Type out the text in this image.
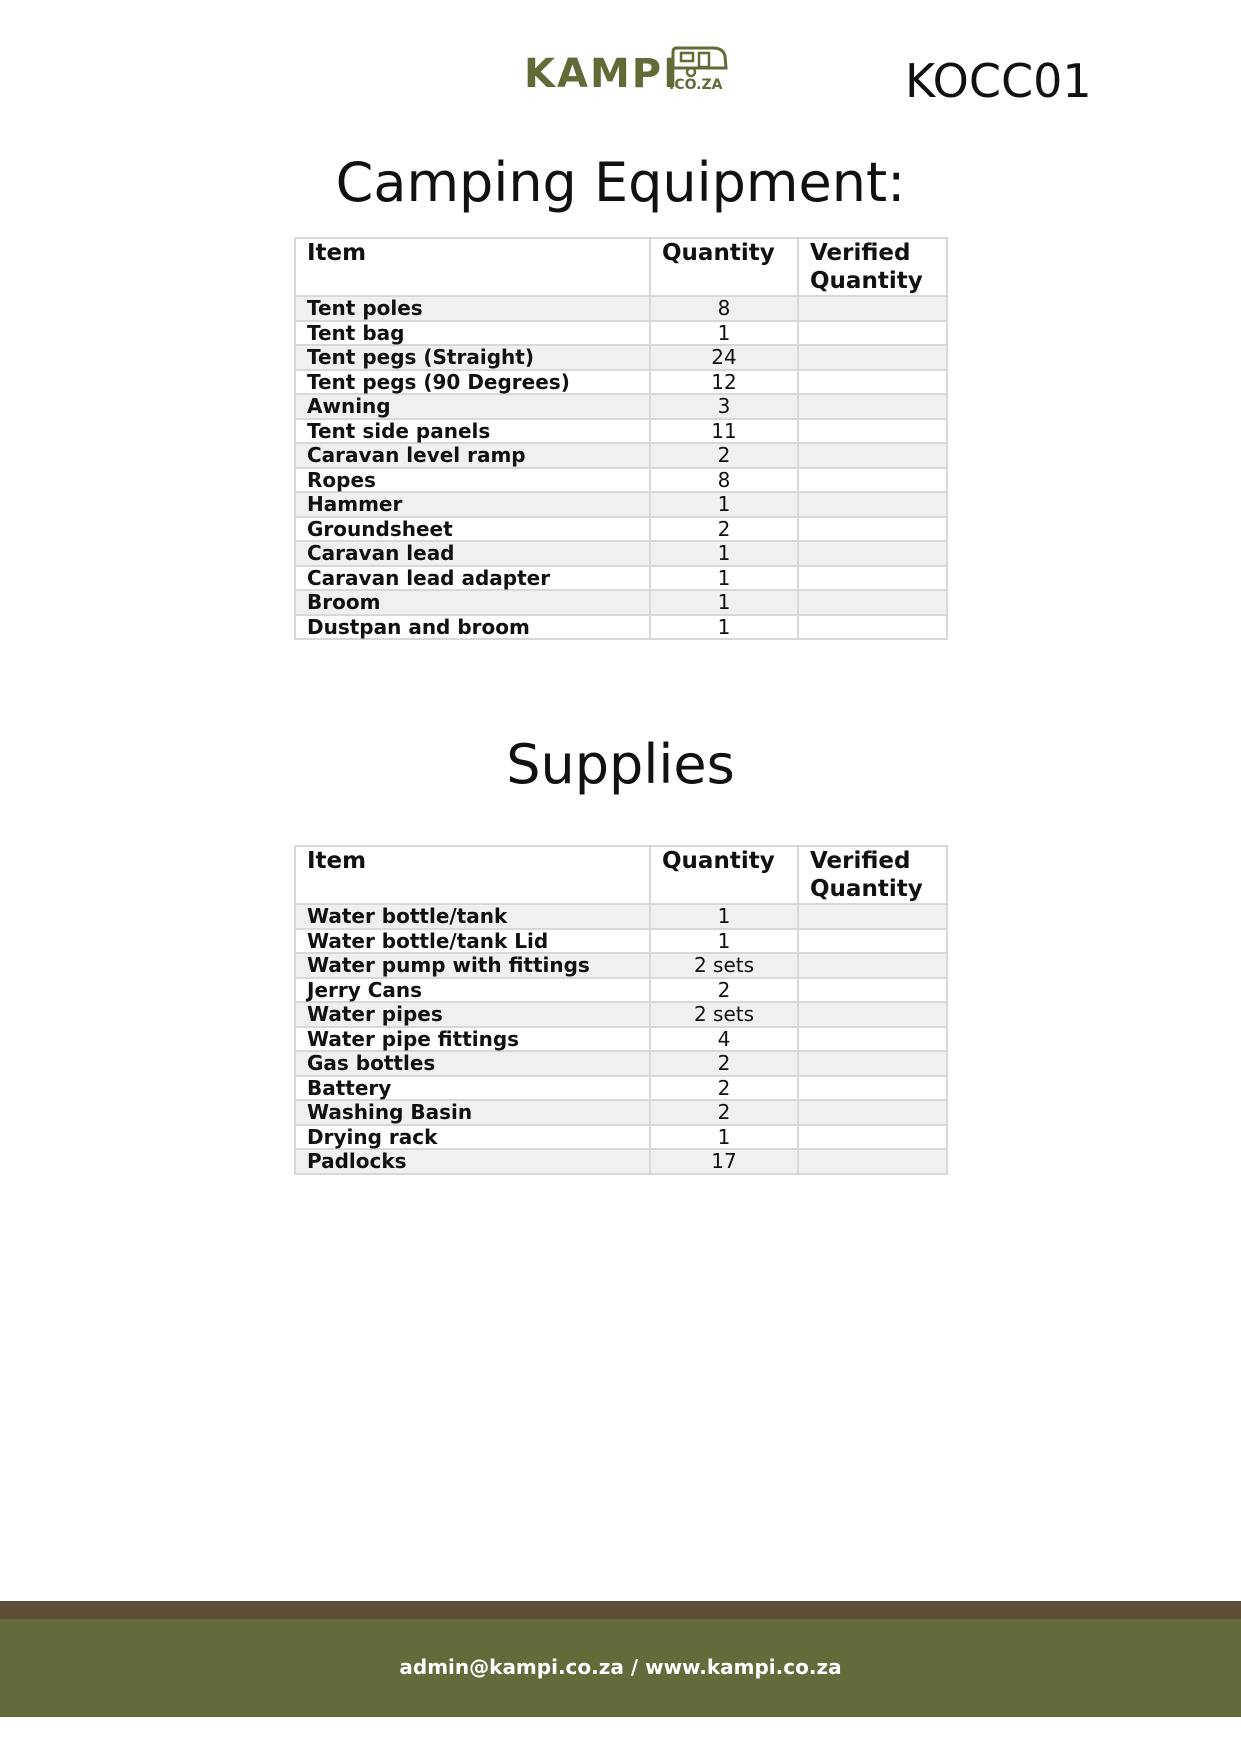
KAMPI
.CO.ZA	KOCC01
Camping Equipment:
Item	Quantity	Verified Quantity
Tent poles	8	
Tent bag	1	
Tent pegs (Straight)	24	
Tent pegs (90 Degrees)	12	
Awning	3	
Tent side panels	11	
Caravan level ramp	2	
Ropes	8	
Hammer	1	
Groundsheet	2	
Caravan lead	1	
Caravan lead adapter	1	
Broom	1	
Dustpan and broom	1	
Supplies
Item	Quantity	Verified Quantity
Water bottle/tank	1	
Water bottle/tank Lid	1	
Water pump with fittings	2 sets	
Jerry Cans	2	
Water pipes	2 sets	
Water pipe fittings	4	
Gas bottles	2	
Battery	2	
Washing Basin	2	
Drying rack	1	
Padlocks	17	
admin@kampi.co.za / www.kampi.co.za
